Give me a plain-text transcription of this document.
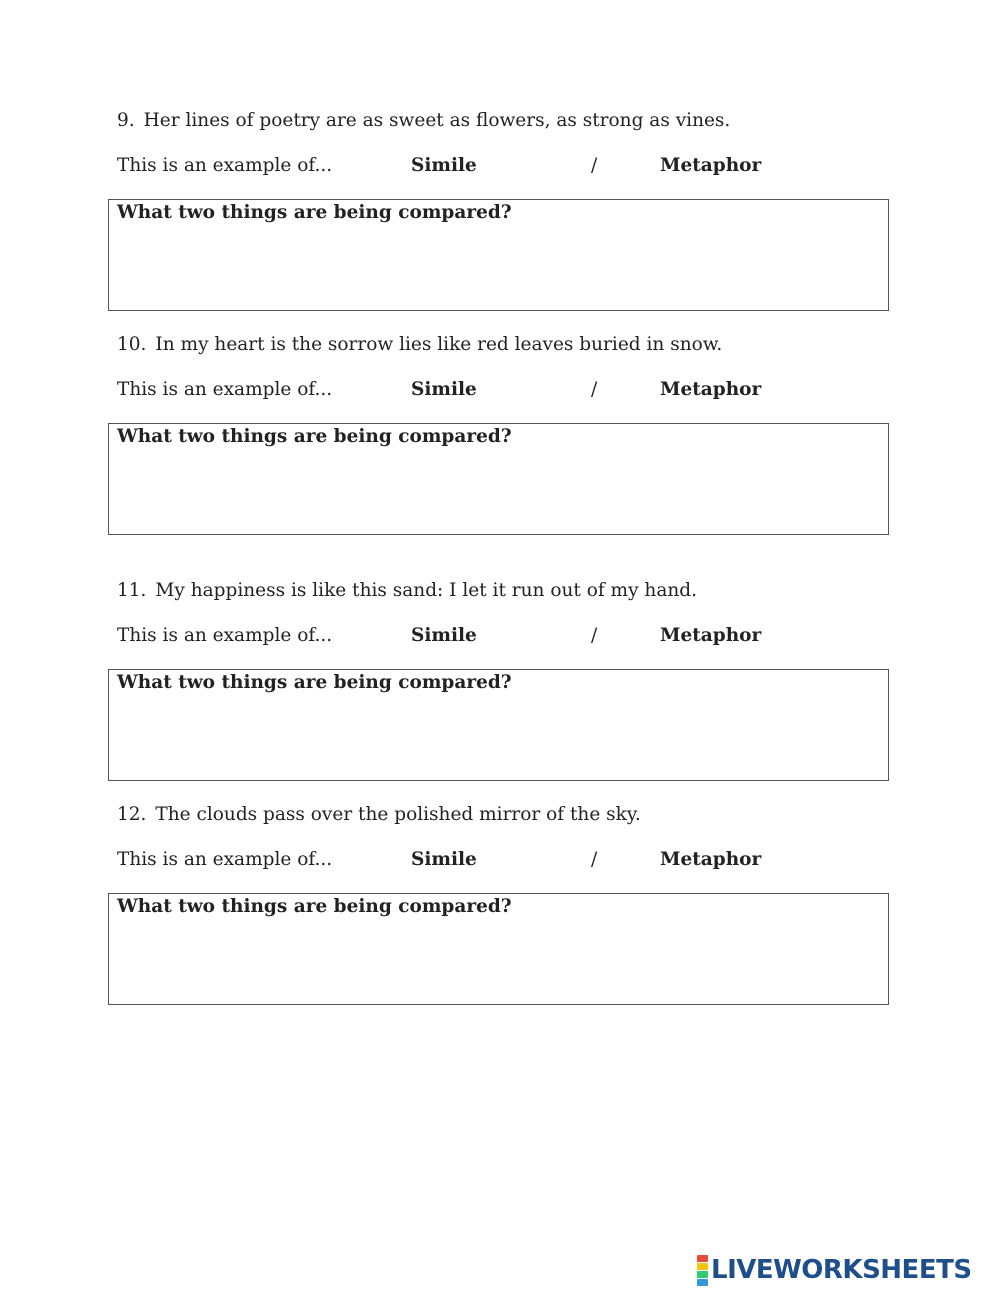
9. Her lines of poetry are as sweet as flowers, as strong as vines.
This is an example of...	Simile	/	Metaphor
What two things are being compared?
10. In my heart is the sorrow lies like red leaves buried in snow.
This is an example of...	Simile	/	Metaphor
What two things are being compared?
11. My happiness is like this sand: I let it run out of my hand.
This is an example of...	Simile	/	Metaphor
What two things are being compared?
12. The clouds pass over the polished mirror of the sky.
This is an example of...	Simile	/	Metaphor
What two things are being compared?
LIVEWORKSHEETS
